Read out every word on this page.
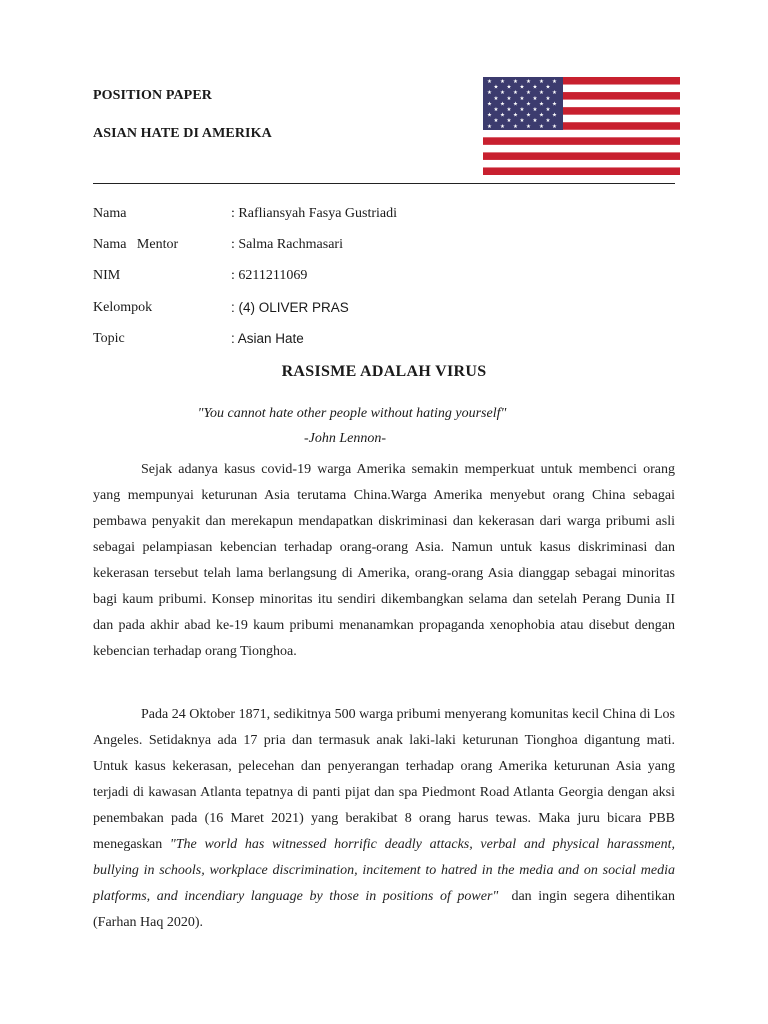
POSITION PAPER
ASIAN HATE DI AMERIKA
★ ★ ★ ★ ★ ★
★ ★ ★ ★ ★
★ ★ ★ ★ ★ ★
★ ★ ★ ★ ★
★ ★ ★ ★ ★ ★
★ ★ ★ ★ ★
★ ★ ★ ★ ★ ★
★ ★ ★ ★ ★
★ ★ ★ ★ ★ ★
Nama	: Rafliansyah Fasya Gustriadi
Nama   Mentor	: Salma Rachmasari
NIM	: 6211211069
Kelompok	: (4) OLIVER PRAS
Topic	: Asian Hate
RASISME ADALAH VIRUS
"You cannot hate other people without hating yourself"
-John Lennon-

Sejak adanya kasus covid-19 warga Amerika semakin memperkuat untuk membenci orang yang mempunyai keturunan Asia terutama China.Warga Amerika menyebut orang China sebagai pembawa penyakit dan merekapun mendapatkan diskriminasi dan kekerasan dari warga pribumi asli sebagai pelampiasan kebencian terhadap orang-orang Asia. Namun untuk kasus diskriminasi dan kekerasan tersebut telah lama berlangsung di Amerika, orang-orang Asia dianggap sebagai minoritas bagi kaum pribumi. Konsep minoritas itu sendiri dikembangkan selama dan setelah Perang Dunia II dan pada akhir abad ke-19 kaum pribumi menanamkan propaganda xenophobia atau disebut dengan kebencian terhadap orang Tionghoa.

Pada 24 Oktober 1871, sedikitnya 500 warga pribumi menyerang komunitas kecil China di Los Angeles. Setidaknya ada 17 pria dan termasuk anak laki-laki keturunan Tionghoa digantung mati. Untuk kasus kekerasan, pelecehan dan penyerangan terhadap orang Amerika keturunan Asia yang terjadi di kawasan Atlanta tepatnya di panti pijat dan spa Piedmont Road Atlanta Georgia dengan aksi penembakan pada (16 Maret 2021) yang berakibat 8 orang harus tewas. Maka juru bicara PBB menegaskan "The world has witnessed horrific deadly attacks, verbal and physical harassment, bullying in schools, workplace discrimination, incitement to hatred in the media and on social media platforms, and incendiary language by those in positions of power"  dan ingin segera dihentikan (Farhan Haq 2020).
